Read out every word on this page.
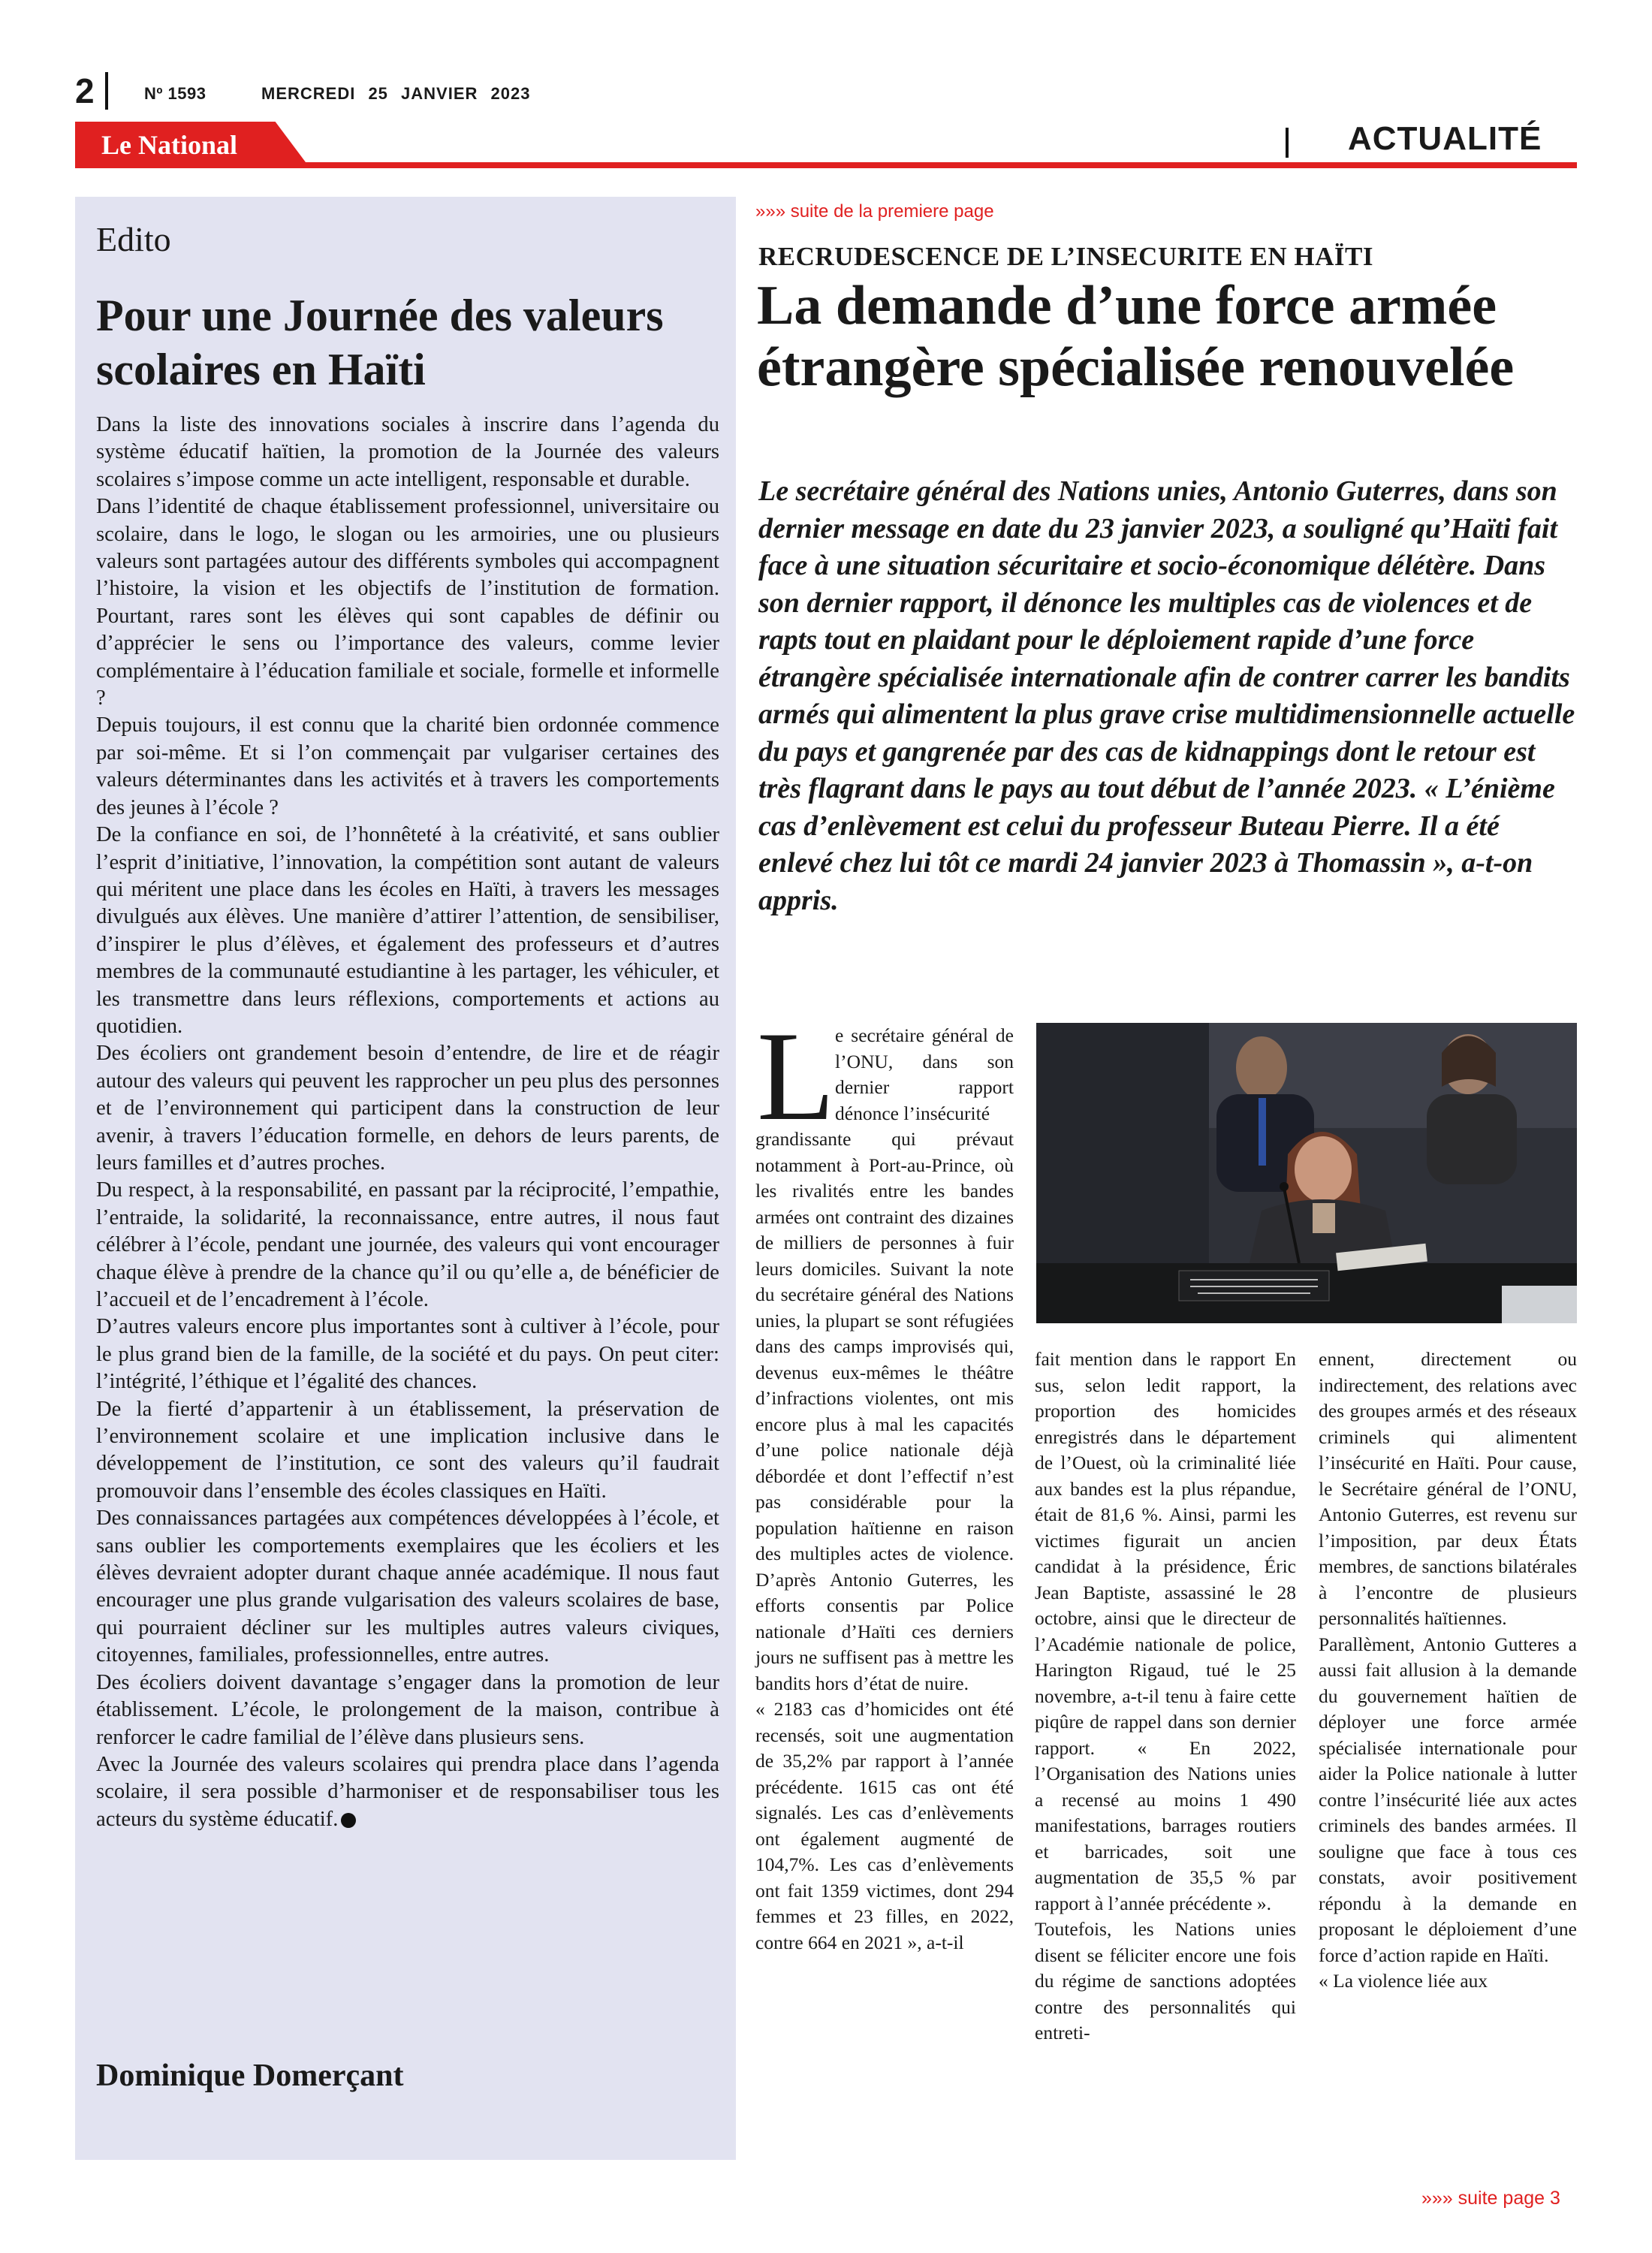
2	Nº 1593	MERCREDI 25 JANVIER 2023
Le National	ACTUALITÉ
Edito
Pour une Journée des valeurs scolaires en Haïti

Dans la liste des innovations sociales à inscrire dans l’agenda du système éducatif haïtien, la promotion de la Journée des valeurs scolaires s’impose comme un acte intelligent, responsable et durable.

Dans l’identité de chaque établissement professionnel, universitaire ou scolaire, dans le logo, le slogan ou les armoiries, une ou plusieurs valeurs sont partagées autour des différents symboles qui accompagnent l’histoire, la vision et les objectifs de l’institution de formation. Pourtant, rares sont les élèves qui sont capables de définir ou d’apprécier le sens ou l’importance des valeurs, comme levier complémentaire à l’éducation familiale et sociale, formelle et informelle ?

Depuis toujours, il est connu que la charité bien ordonnée commence par soi-même. Et si l’on commençait par vulgariser certaines des valeurs déterminantes dans les activités et à travers les comportements des jeunes à l’école ?

De la confiance en soi, de l’honnêteté à la créativité, et sans oublier l’esprit d’initiative, l’innovation, la compétition sont autant de valeurs qui méritent une place dans les écoles en Haïti, à travers les messages divulgués aux élèves. Une manière d’attirer l’attention, de sensibiliser, d’inspirer le plus d’élèves, et également des professeurs et d’autres membres de la communauté estudiantine à les partager, les véhiculer, et les transmettre dans leurs réflexions, comportements et actions au quotidien.

Des écoliers ont grandement besoin d’entendre, de lire et de réagir autour des valeurs qui peuvent les rapprocher un peu plus des personnes et de l’environnement qui participent dans la construction de leur avenir, à travers l’éducation formelle, en dehors de leurs parents, de leurs familles et d’autres proches.

Du respect, à la responsabilité, en passant par la réciprocité, l’empathie, l’entraide, la solidarité, la reconnaissance, entre autres, il nous faut célébrer à l’école, pendant une journée, des valeurs qui vont encourager chaque élève à prendre de la chance qu’il ou qu’elle a, de bénéficier de l’accueil et de l’encadrement à l’école.

D’autres valeurs encore plus importantes sont à cultiver à l’école, pour le plus grand bien de la famille, de la société et du pays. On peut citer: l’intégrité, l’éthique et l’égalité des chances.

De la fierté d’appartenir à un établissement, la préservation de l’environnement scolaire et une implication inclusive dans le développement de l’institution, ce sont des valeurs qu’il faudrait promouvoir dans l’ensemble des écoles classiques en Haïti.

Des connaissances partagées aux compétences développées à l’école, et sans oublier les comportements exemplaires que les écoliers et les élèves devraient adopter durant chaque année académique. Il nous faut encourager une plus grande vulgarisation des valeurs scolaires de base, qui pourraient décliner sur les multiples autres valeurs civiques, citoyennes, familiales, professionnelles, entre autres.

Des écoliers doivent davantage s’engager dans la promotion de leur établissement. L’école, le prolongement de la maison, contribue à renforcer le cadre familial de l’élève dans plusieurs sens.

Avec la Journée des valeurs scolaires qui prendra place dans l’agenda scolaire, il sera possible d’harmoniser et de responsabiliser tous les acteurs du système éducatif.

Dominique Domerçant
»»» suite de la premiere page
RECRUDESCENCE DE L’INSECURITE EN HAÏTI
La demande d’une force armée étrangère spécialisée renouvelée
Le secrétaire général des Nations unies, Antonio Guterres, dans son dernier message en date du 23 janvier 2023, a souligné qu’Haïti fait face à une situation sécuritaire et socio-économique délétère. Dans son dernier rapport, il dénonce les multiples cas de violences et de rapts tout en plaidant pour le déploiement rapide d’une force étrangère spécialisée internationale afin de contrer carrer les bandits armés qui alimentent la plus grave crise multidimensionnelle actuelle du pays et gangrenée par des cas de kidnappings dont le retour est très flagrant dans le pays au tout début de l’année 2023. « L’énième cas d’enlèvement est celui du professeur Buteau Pierre. Il a été enlevé chez lui tôt ce mardi 24 janvier 2023 à Thomassin », a-t-on appris.
L e secrétaire général de l’ONU, dans son dernier rapport dénonce l’insécurité

grandissante qui prévaut notamment à Port-au-Prince, où les rivalités entre les bandes armées ont contraint des dizaines de milliers de personnes à fuir leurs domiciles. Suivant la note du secrétaire général des Nations unies, la plupart se sont réfugiées dans des camps improvisés qui, devenus eux-mêmes le théâtre d’infractions violentes, ont mis encore plus à mal les capacités d’une police nationale déjà débordée et dont l’effectif n’est pas considérable pour la population haïtienne en raison des multiples actes de violence. D’après Antonio Guterres, les efforts consentis par Police nationale d’Haïti ces derniers jours ne suffisent pas à mettre les bandits hors d’état de nuire.

« 2183 cas d’homicides ont été recensés, soit une augmentation de 35,2% par rapport à l’année précédente. 1615 cas ont été signalés. Les cas d’enlèvements ont également augmenté de 104,7%. Les cas d’enlèvements ont fait 1359 victimes, dont 294 femmes et 23 filles, en 2022, contre 664 en 2021 », a-t-il

fait mention dans le rapport En sus, selon ledit rapport, la proportion des homicides enregistrés dans le département de l’Ouest, où la criminalité liée aux bandes est la plus répandue, était de 81,6 %. Ainsi, parmi les victimes figurait un ancien candidat à la présidence, Éric Jean Baptiste, assassiné le 28 octobre, ainsi que le directeur de l’Académie nationale de police, Harington Rigaud, tué le 25 novembre, a-t-il tenu à faire cette piqûre de rappel dans son dernier rapport. « En 2022, l’Organisation des Nations unies a recensé au moins 1 490 manifestations, barrages routiers et barricades, soit une augmentation de 35,5 % par rapport à l’année précédente ».

Toutefois, les Nations unies disent se féliciter encore une fois du régime de sanctions adoptées contre des personnalités qui entreti-

ennent, directement ou indirectement, des relations avec des groupes armés et des réseaux criminels qui alimentent l’insécurité en Haïti. Pour cause, le Secrétaire général de l’ONU, Antonio Guterres, est revenu sur l’imposition, par deux États membres, de sanctions bilatérales à l’encontre de plusieurs personnalités haïtiennes.

Parallèment, Antonio Gutteres a aussi fait allusion à la demande du gouvernement haïtien de déployer une force armée spécialisée internationale pour aider la Police nationale à lutter contre l’insécurité liée aux actes criminels des bandes armées. Il souligne que face à tous ces constats, avoir positivement répondu à la demande en proposant le déploiement d’une force d’action rapide en Haïti.

« La violence liée aux

»»» suite page 3
